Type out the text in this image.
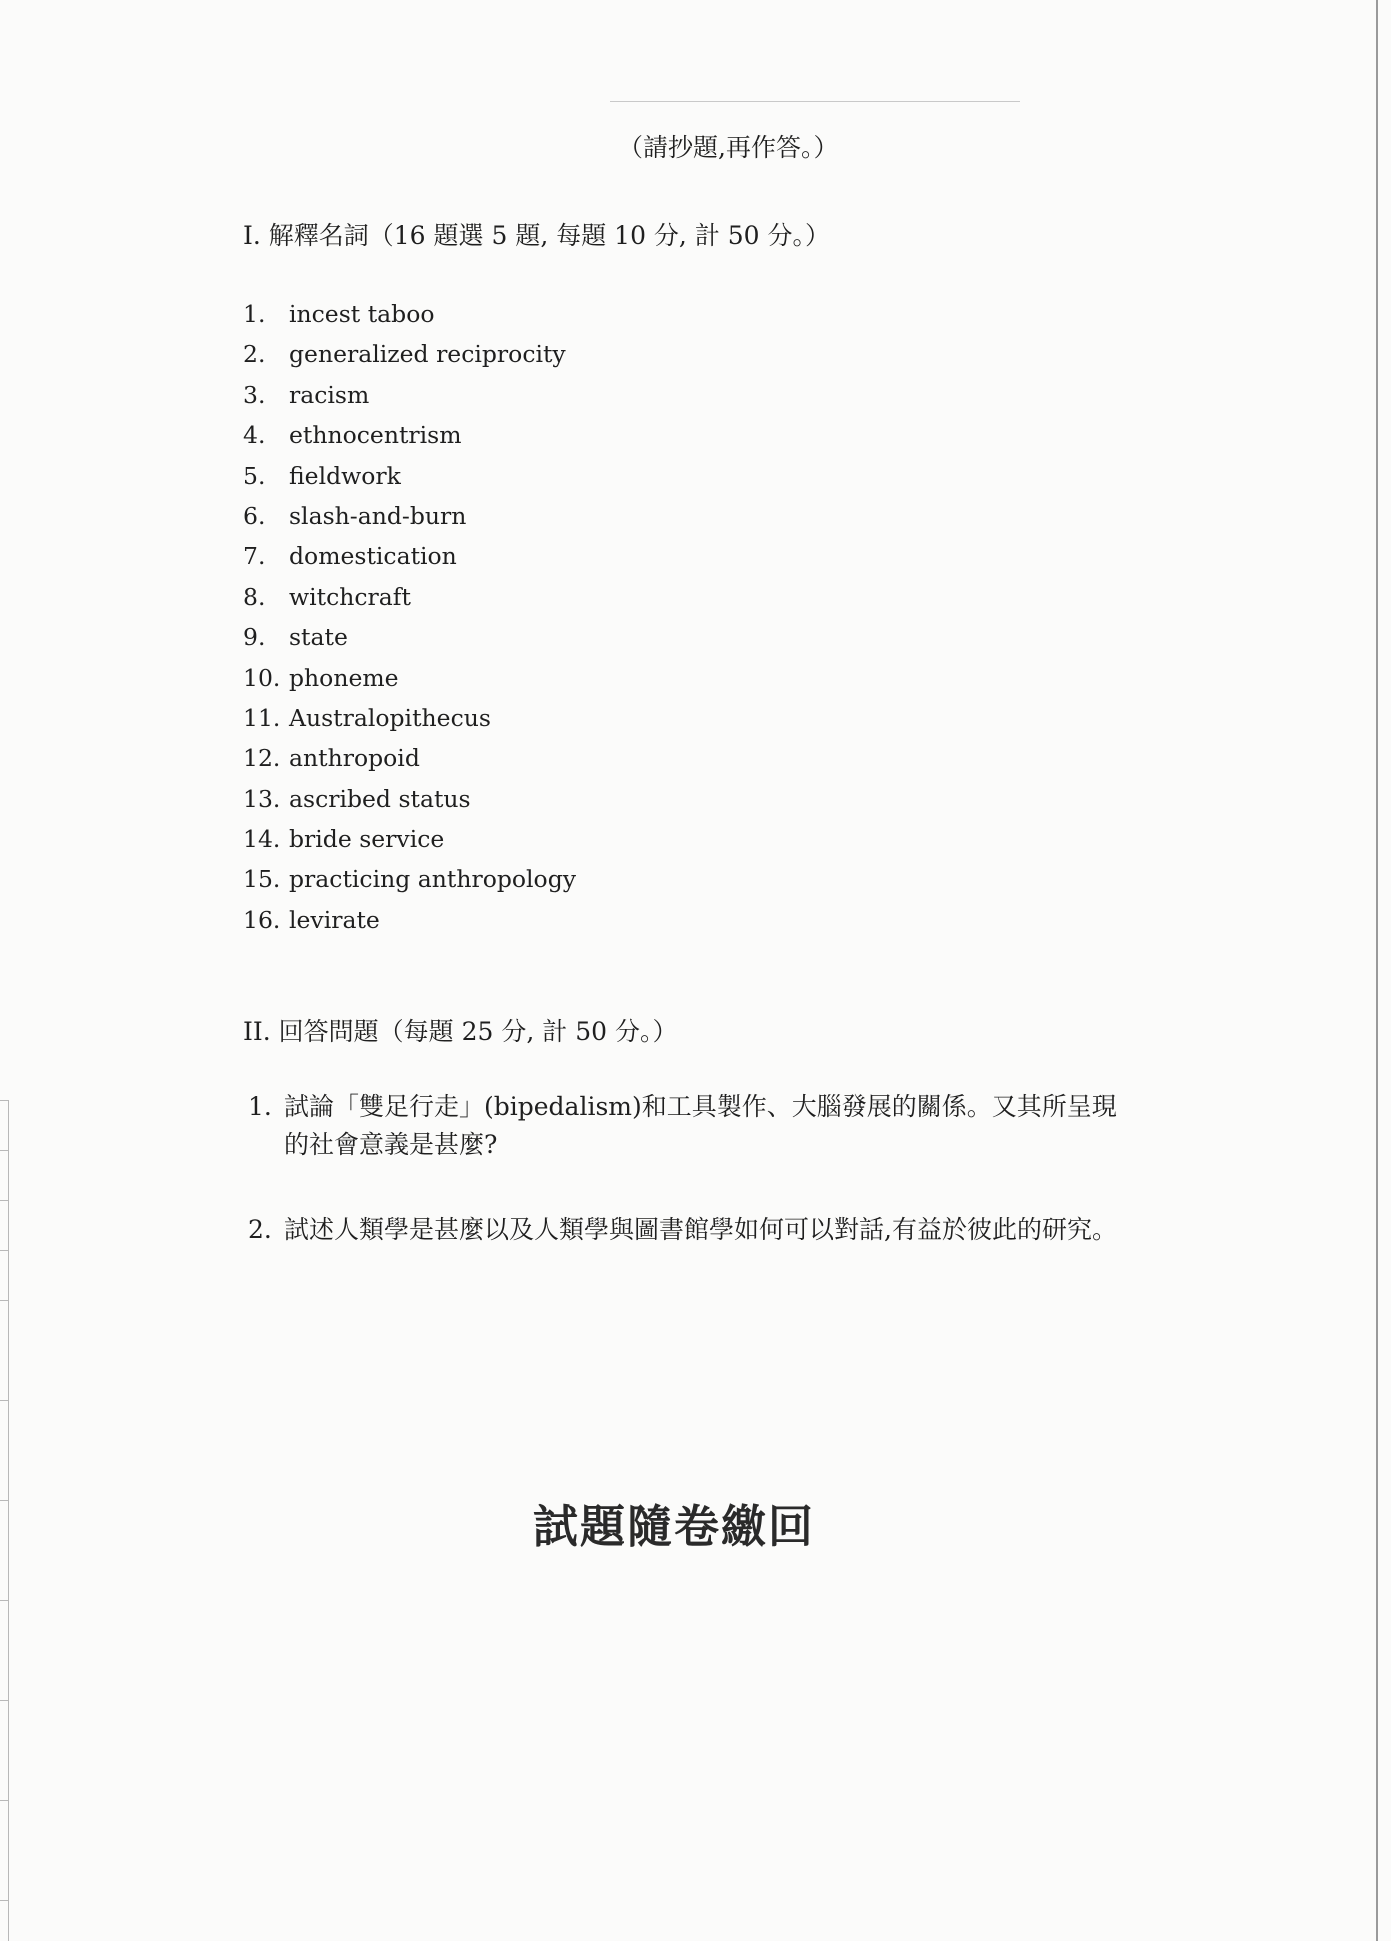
（請抄題,再作答。）
I. 解釋名詞（16 題選 5 題, 每題 10 分, 計 50 分。）
1.	incest taboo
2.	generalized reciprocity
3.	racism
4.	ethnocentrism
5.	fieldwork
6.	slash-and-burn
7.	domestication
8.	witchcraft
9.	state
10. phoneme
11. Australopithecus
12. anthropoid
13. ascribed status
14. bride service
15. practicing anthropology
16. levirate
II. 回答問題（每題 25 分, 計 50 分。）
1. 試論「雙足行走」(bipedalism)和工具製作、大腦發展的關係。又其所呈現
的社會意義是甚麼?
2. 試述人類學是甚麼以及人類學與圖書館學如何可以對話,有益於彼此的研究。
試題隨卷繳回
